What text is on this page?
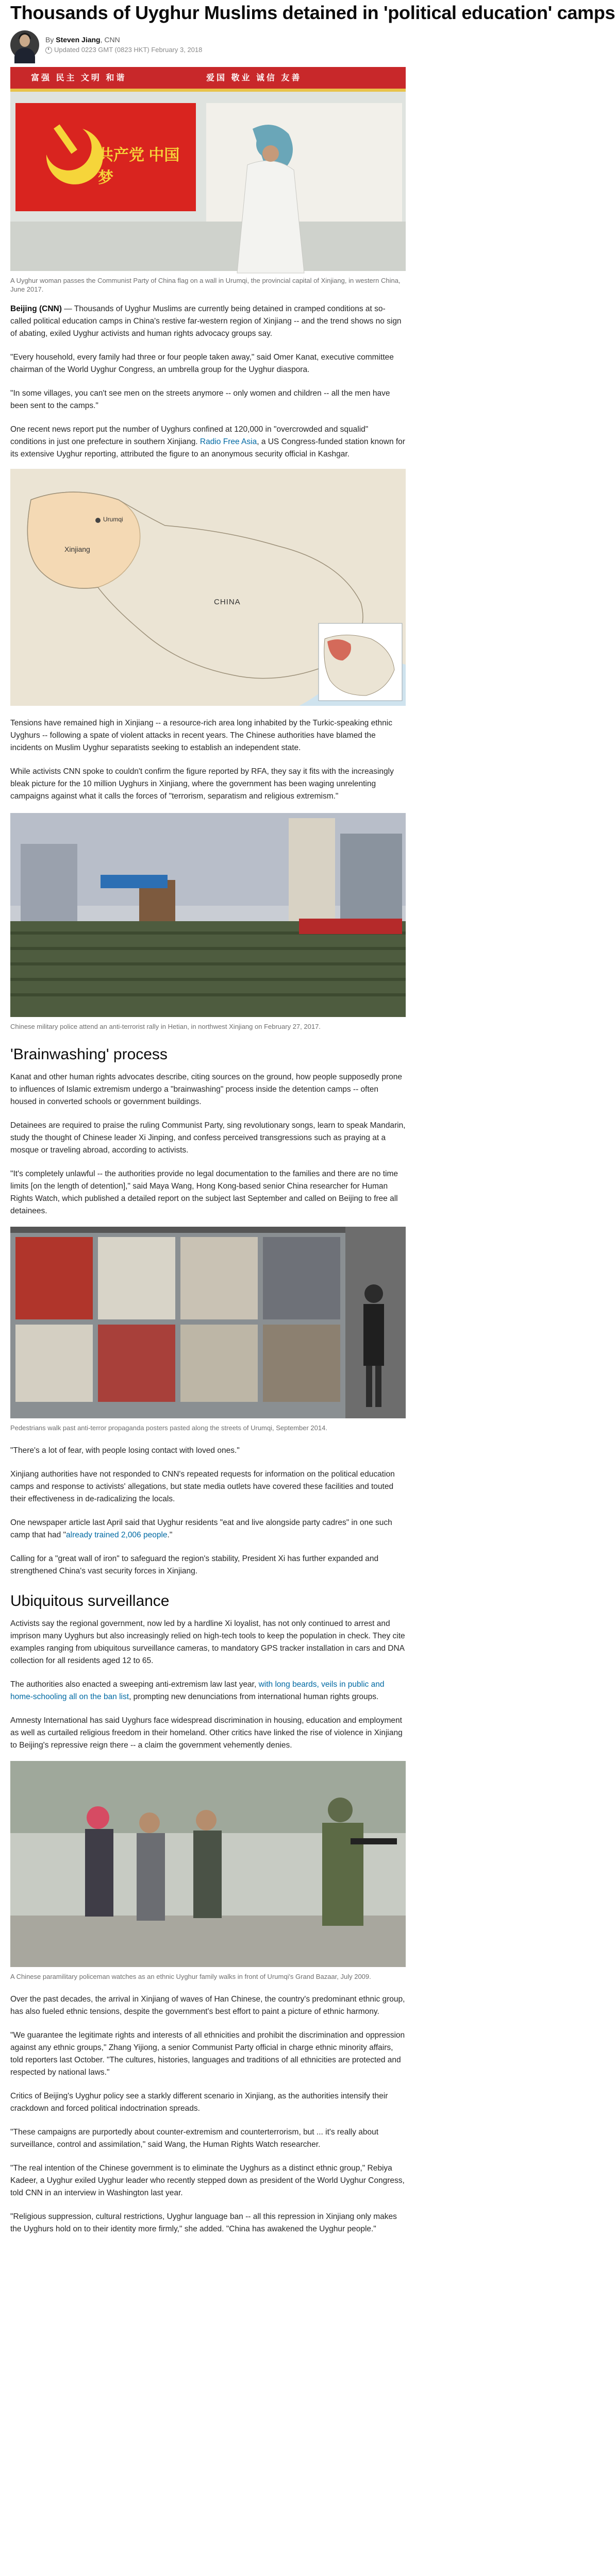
Thousands of Uyghur Muslims detained in 'political education' camps
By Steven Jiang, CNN
Updated 0223 GMT (0823 HKT) February 3, 2018
富强 民主 文明 和谐	爱国 敬业 诚信 友善
共产党 中国梦
A Uyghur woman passes the Communist Party of China flag on a wall in Urumqi, the provincial capital of Xinjiang, in western China, June 2017.

Beijing (CNN) — Thousands of Uyghur Muslims are currently being detained in cramped conditions at so-called political education camps in China's restive far-western region of Xinjiang -- and the trend shows no sign of abating, exiled Uyghur activists and human rights advocacy groups say.

"Every household, every family had three or four people taken away," said Omer Kanat, executive committee chairman of the World Uyghur Congress, an umbrella group for the Uyghur diaspora.

"In some villages, you can't see men on the streets anymore -- only women and children -- all the men have been sent to the camps."

One recent news report put the number of Uyghurs confined at 120,000 in "overcrowded and squalid" conditions in just one prefecture in southern Xinjiang. Radio Free Asia, a US Congress-funded station known for its extensive Uyghur reporting, attributed the figure to an anonymous security official in Kashgar.

Urumqi
Xinjiang
CHINA

Tensions have remained high in Xinjiang -- a resource-rich area long inhabited by the Turkic-speaking ethnic Uyghurs -- following a spate of violent attacks in recent years. The Chinese authorities have blamed the incidents on Muslim Uyghur separatists seeking to establish an independent state.

While activists CNN spoke to couldn't confirm the figure reported by RFA, they say it fits with the increasingly bleak picture for the 10 million Uyghurs in Xinjiang, where the government has been waging unrelenting campaigns against what it calls the forces of "terrorism, separatism and religious extremism."

Chinese military police attend an anti-terrorist rally in Hetian, in northwest Xinjiang on February 27, 2017.
'Brainwashing' process

Kanat and other human rights advocates describe, citing sources on the ground, how people supposedly prone to influences of Islamic extremism undergo a "brainwashing" process inside the detention camps -- often housed in converted schools or government buildings.

Detainees are required to praise the ruling Communist Party, sing revolutionary songs, learn to speak Mandarin, study the thought of Chinese leader Xi Jinping, and confess perceived transgressions such as praying at a mosque or traveling abroad, according to activists.

"It's completely unlawful -- the authorities provide no legal documentation to the families and there are no time limits [on the length of detention]," said Maya Wang, Hong Kong-based senior China researcher for Human Rights Watch, which published a detailed report on the subject last September and called on Beijing to free all detainees.

Pedestrians walk past anti-terror propaganda posters pasted along the streets of Urumqi, September 2014.

"There's a lot of fear, with people losing contact with loved ones."

Xinjiang authorities have not responded to CNN's repeated requests for information on the political education camps and response to activists' allegations, but state media outlets have covered these facilities and touted their effectiveness in de-radicalizing the locals.

One newspaper article last April said that Uyghur residents "eat and live alongside party cadres" in one such camp that had "already trained 2,006 people."

Calling for a "great wall of iron" to safeguard the region's stability, President Xi has further expanded and strengthened China's vast security forces in Xinjiang.

Ubiquitous surveillance

Activists say the regional government, now led by a hardline Xi loyalist, has not only continued to arrest and imprison many Uyghurs but also increasingly relied on high-tech tools to keep the population in check. They cite examples ranging from ubiquitous surveillance cameras, to mandatory GPS tracker installation in cars and DNA collection for all residents aged 12 to 65.

The authorities also enacted a sweeping anti-extremism law last year, with long beards, veils in public and home-schooling all on the ban list, prompting new denunciations from international human rights groups.

Amnesty International has said Uyghurs face widespread discrimination in housing, education and employment as well as curtailed religious freedom in their homeland. Other critics have linked the rise of violence in Xinjiang to Beijing's repressive reign there -- a claim the government vehemently denies.

A Chinese paramilitary policeman watches as an ethnic Uyghur family walks in front of Urumqi's Grand Bazaar, July 2009.

Over the past decades, the arrival in Xinjiang of waves of Han Chinese, the country's predominant ethnic group, has also fueled ethnic tensions, despite the government's best effort to paint a picture of ethnic harmony.

"We guarantee the legitimate rights and interests of all ethnicities and prohibit the discrimination and oppression against any ethnic groups," Zhang Yijiong, a senior Communist Party official in charge ethnic minority affairs, told reporters last October. "The cultures, histories, languages and traditions of all ethnicities are protected and respected by national laws."

Critics of Beijing's Uyghur policy see a starkly different scenario in Xinjiang, as the authorities intensify their crackdown and forced political indoctrination spreads.

"These campaigns are purportedly about counter-extremism and counterterrorism, but ... it's really about surveillance, control and assimilation," said Wang, the Human Rights Watch researcher.

"The real intention of the Chinese government is to eliminate the Uyghurs as a distinct ethnic group," Rebiya Kadeer, a Uyghur exiled Uyghur leader who recently stepped down as president of the World Uyghur Congress, told CNN in an interview in Washington last year.

"Religious suppression, cultural restrictions, Uyghur language ban -- all this repression in Xinjiang only makes the Uyghurs hold on to their identity more firmly," she added. "China has awakened the Uyghur people."
